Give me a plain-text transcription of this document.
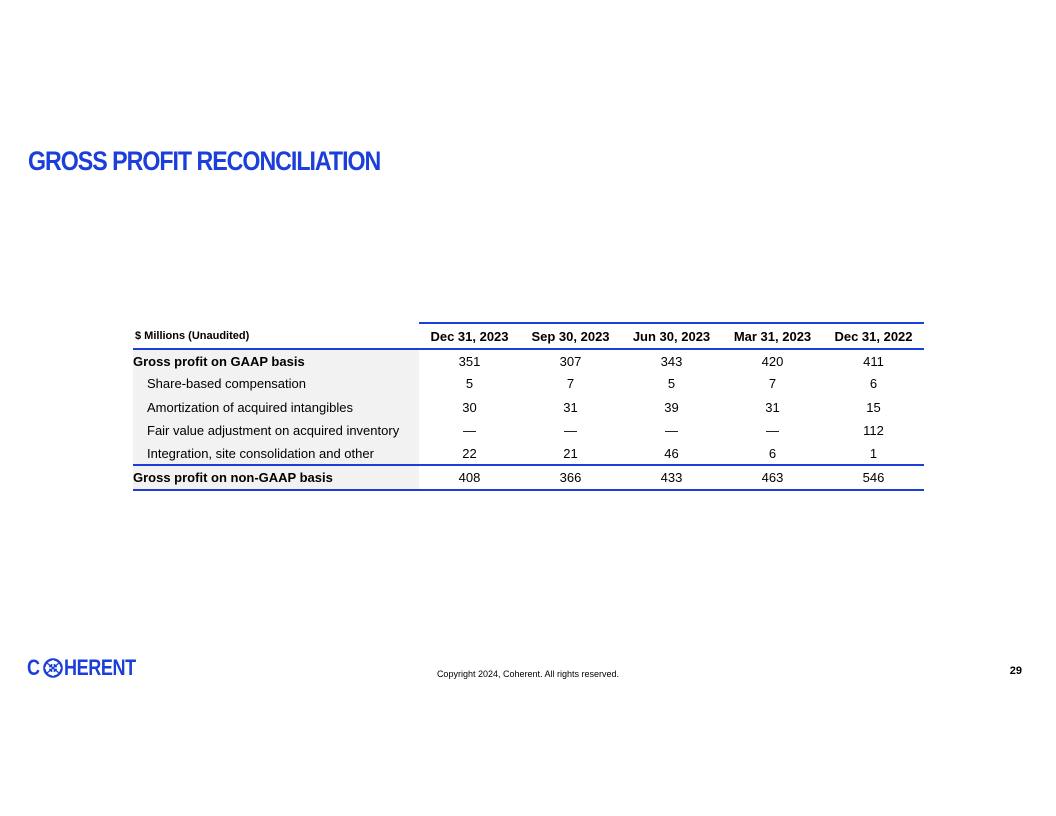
GROSS PROFIT RECONCILIATION
$ Millions (Unaudited)	Dec 31, 2023	Sep 30, 2023	Jun 30, 2023	Mar 31, 2023	Dec 31, 2022
Gross profit on GAAP basis	351	307	343	420	411
Share-based compensation	5	7	5	7	6
Amortization of acquired intangibles	30	31	39	31	15
Fair value adjustment on acquired inventory	—	—	—	—	112
Integration, site consolidation and other	22	21	46	6	1
Gross profit on non-GAAP basis	408	366	433	463	546
C HERENT	Copyright 2024, Coherent. All rights reserved.	29
